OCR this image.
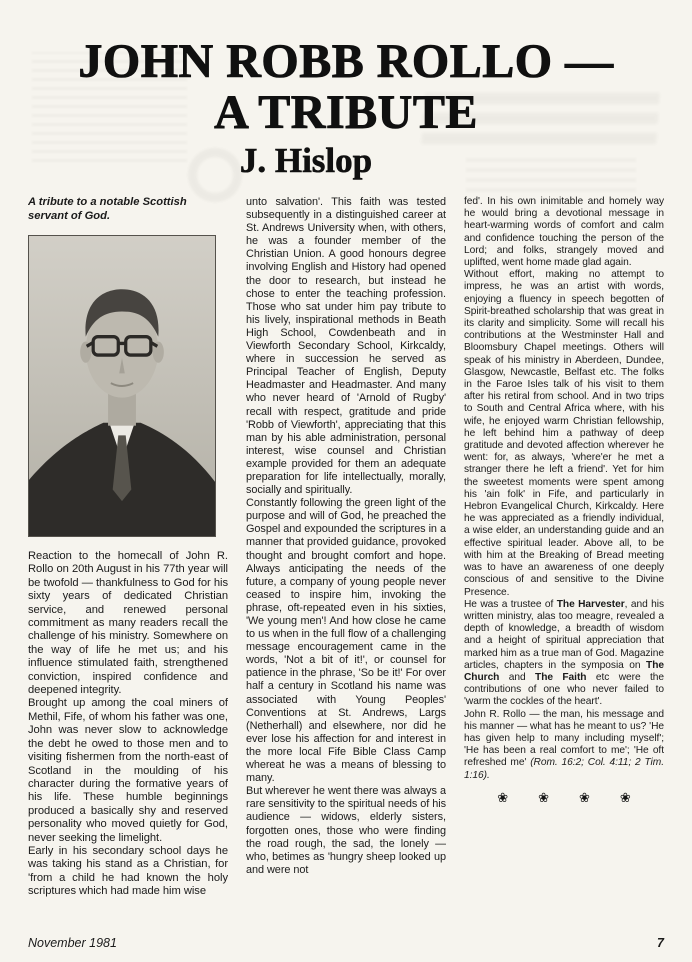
JOHN ROBB ROLLO —
A TRIBUTE
J. Hislop

A tribute to a notable Scottish servant of God.

Reaction to the homecall of John R. Rollo on 20th August in his 77th year will be twofold — thankfulness to God for his sixty years of dedicated Christian service, and renewed personal commitment as many readers recall the challenge of his ministry. Somewhere on the way of life he met us; and his influence stimulated faith, strengthened conviction, inspired confidence and deepened integrity.

Brought up among the coal miners of Methil, Fife, of whom his father was one, John was never slow to acknowledge the debt he owed to those men and to visiting fishermen from the north-east of Scotland in the moulding of his character during the formative years of his life. These humble beginnings produced a basically shy and reserved personality who moved quietly for God, never seeking the limelight.

Early in his secondary school days he was taking his stand as a Christian, for 'from a child he had known the holy scriptures which had made him wise

unto salvation'. This faith was tested subsequently in a distinguished career at St. Andrews University when, with others, he was a founder member of the Christian Union. A good honours degree involving English and History had opened the door to research, but instead he chose to enter the teaching profession. Those who sat under him pay tribute to his lively, inspirational methods in Beath High School, Cowdenbeath and in Viewforth Secondary School, Kirkcaldy, where in succession he served as Principal Teacher of English, Deputy Headmaster and Headmaster. And many who never heard of 'Arnold of Rugby' recall with respect, gratitude and pride 'Robb of Viewforth', appreciating that this man by his able administration, personal interest, wise counsel and Christian example provided for them an adequate preparation for life intellectually, morally, socially and spiritually.

Constantly following the green light of the purpose and will of God, he preached the Gospel and expounded the scriptures in a manner that provided guidance, provoked thought and brought comfort and hope. Always anticipating the needs of the future, a company of young people never ceased to inspire him, invoking the phrase, oft-repeated even in his sixties, 'We young men'! And how close he came to us when in the full flow of a challenging message encouragement came in the words, 'Not a bit of it!', or counsel for patience in the phrase, 'So be it!' For over half a century in Scotland his name was associated with Young Peoples' Conventions at St. Andrews, Largs (Netherhall) and elsewhere, nor did he ever lose his affection for and interest in the more local Fife Bible Class Camp whereat he was a means of blessing to many.

But wherever he went there was always a rare sensitivity to the spiritual needs of his audience — widows, elderly sisters, forgotten ones, those who were finding the road rough, the sad, the lonely — who, betimes as 'hungry sheep looked up and were not

fed'. In his own inimitable and homely way he would bring a devotional message in heart-warming words of comfort and calm and confidence touching the person of the Lord; and folks, strangely moved and uplifted, went home made glad again.

Without effort, making no attempt to impress, he was an artist with words, enjoying a fluency in speech begotten of Spirit-breathed scholarship that was great in its clarity and simplicity. Some will recall his contributions at the Westminster Hall and Bloomsbury Chapel meetings. Others will speak of his ministry in Aberdeen, Dundee, Glasgow, Newcastle, Belfast etc. The folks in the Faroe Isles talk of his visit to them after his retiral from school. And in two trips to South and Central Africa where, with his wife, he enjoyed warm Christian fellowship, he left behind him a pathway of deep gratitude and devoted affection wherever he went: for, as always, 'where'er he met a stranger there he left a friend'. Yet for him the sweetest moments were spent among his 'ain folk' in Fife, and particularly in Hebron Evangelical Church, Kirkcaldy. Here he was appreciated as a friendly individual, a wise elder, an understanding guide and an effective spiritual leader. Above all, to be with him at the Breaking of Bread meeting was to have an awareness of one deeply conscious of and sensitive to the Divine Presence.

He was a trustee of The Harvester, and his written ministry, alas too meagre, revealed a depth of knowledge, a breadth of wisdom and a height of spiritual appreciation that marked him as a true man of God. Magazine articles, chapters in the symposia on The Church and The Faith etc were the contributions of one who never failed to 'warm the cockles of the heart'.

John R. Rollo — the man, his message and his manner — what has he meant to us? 'He has given help to many including myself'; 'He has been a real comfort to me'; 'He oft refreshed me' (Rom. 16:2; Col. 4:11; 2 Tim. 1:16).

❀ ❀ ❀ ❀
November 1981	7
